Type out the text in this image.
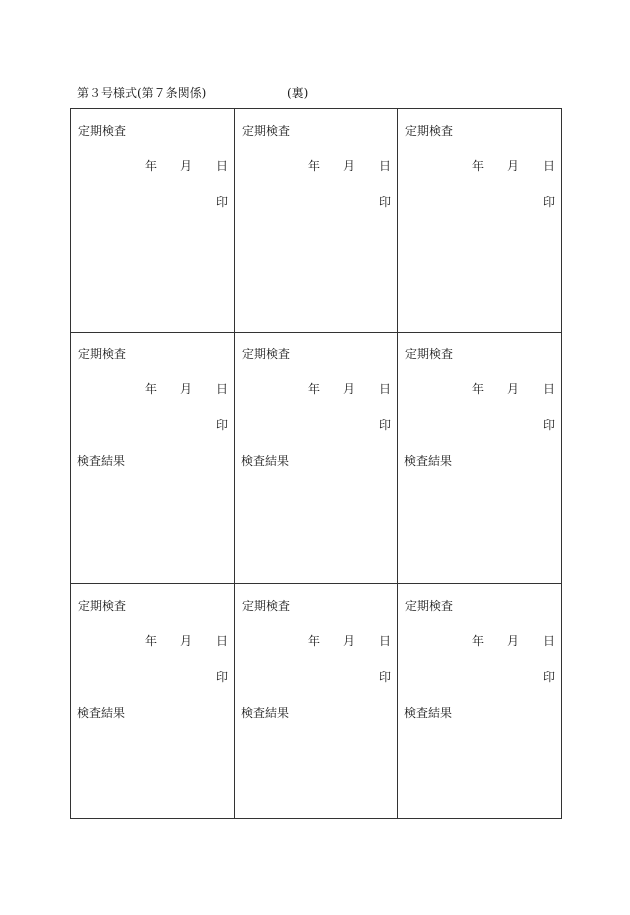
第３号様式(第７条関係)	(裏)
定期検査
年 月 日
印
定期検査
年 月 日
印
定期検査
年 月 日
印
定期検査
年 月 日
印
検査結果
定期検査
年 月 日
印
検査結果
定期検査
年 月 日
印
検査結果
定期検査
年 月 日
印
検査結果
定期検査
年 月 日
印
検査結果
定期検査
年 月 日
印
検査結果
